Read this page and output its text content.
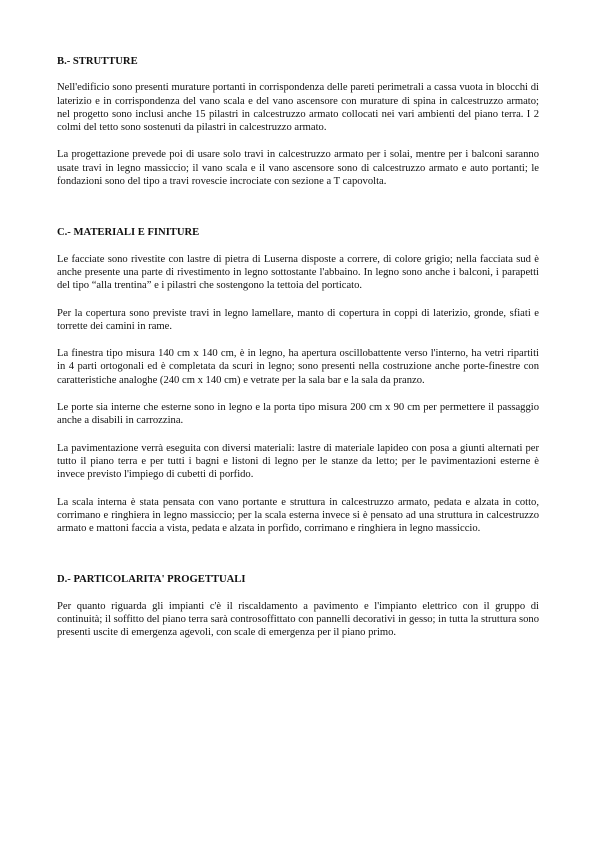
B.- STRUTTURE

Nell'edificio sono presenti murature portanti in corrispondenza delle pareti perimetrali a cassa vuota in blocchi di laterizio e in corrispondenza del vano scala e del vano ascensore con murature di spina in calcestruzzo armato; nel progetto sono inclusi anche 15 pilastri in calcestruzzo armato collocati nei vari ambienti del piano terra. I 2 colmi del tetto sono sostenuti da pilastri in calcestruzzo armato.

La progettazione prevede poi di usare solo travi in calcestruzzo armato per i solai, mentre per i balconi saranno usate travi in legno massiccio; il vano scala e il vano ascensore sono di calcestruzzo armato e auto portanti; le fondazioni sono del tipo a travi rovescie incrociate con sezione a T capovolta.

C.- MATERIALI E FINITURE

Le facciate sono rivestite con lastre di pietra di Luserna disposte a correre, di colore grigio; nella facciata sud è anche presente una parte di rivestimento in legno sottostante l'abbaino. In legno sono anche i balconi, i parapetti del tipo “alla trentina” e i pilastri che sostengono la tettoia del porticato.

Per la copertura sono previste travi in legno lamellare, manto di copertura in coppi di laterizio, gronde, sfiati e torrette dei camini in rame.

La finestra tipo misura 140 cm x 140 cm, è in legno, ha apertura oscillobattente verso l'interno, ha vetri ripartiti in 4 parti ortogonali ed è completata da scuri in legno; sono presenti nella costruzione anche porte-finestre con caratteristiche analoghe (240 cm x 140 cm) e vetrate per la sala bar e la sala da pranzo.

Le porte sia interne che esterne sono in legno e la porta tipo misura 200 cm x 90 cm per permettere il passaggio anche a disabili in carrozzina.

La pavimentazione verrà eseguita con diversi materiali: lastre di materiale lapideo con posa a giunti alternati per tutto il piano terra e per tutti i bagni e listoni di legno per le stanze da letto; per le pavimentazioni esterne è invece previsto l'impiego di cubetti di porfido.

La scala interna è stata pensata con vano portante e struttura in calcestruzzo armato, pedata e alzata in cotto, corrimano e ringhiera in legno massiccio; per la scala esterna invece si è pensato ad una struttura in calcestruzzo armato e mattoni faccia a vista, pedata e alzata in porfido, corrimano e ringhiera in legno massiccio.

D.- PARTICOLARITA' PROGETTUALI

Per quanto riguarda gli impianti c'è il riscaldamento a pavimento e l'impianto elettrico con il gruppo di continuità; il soffitto del piano terra sarà controsoffittato con pannelli decorativi in gesso; in tutta la struttura sono presenti uscite di emergenza agevoli, con scale di emergenza per il piano primo.
